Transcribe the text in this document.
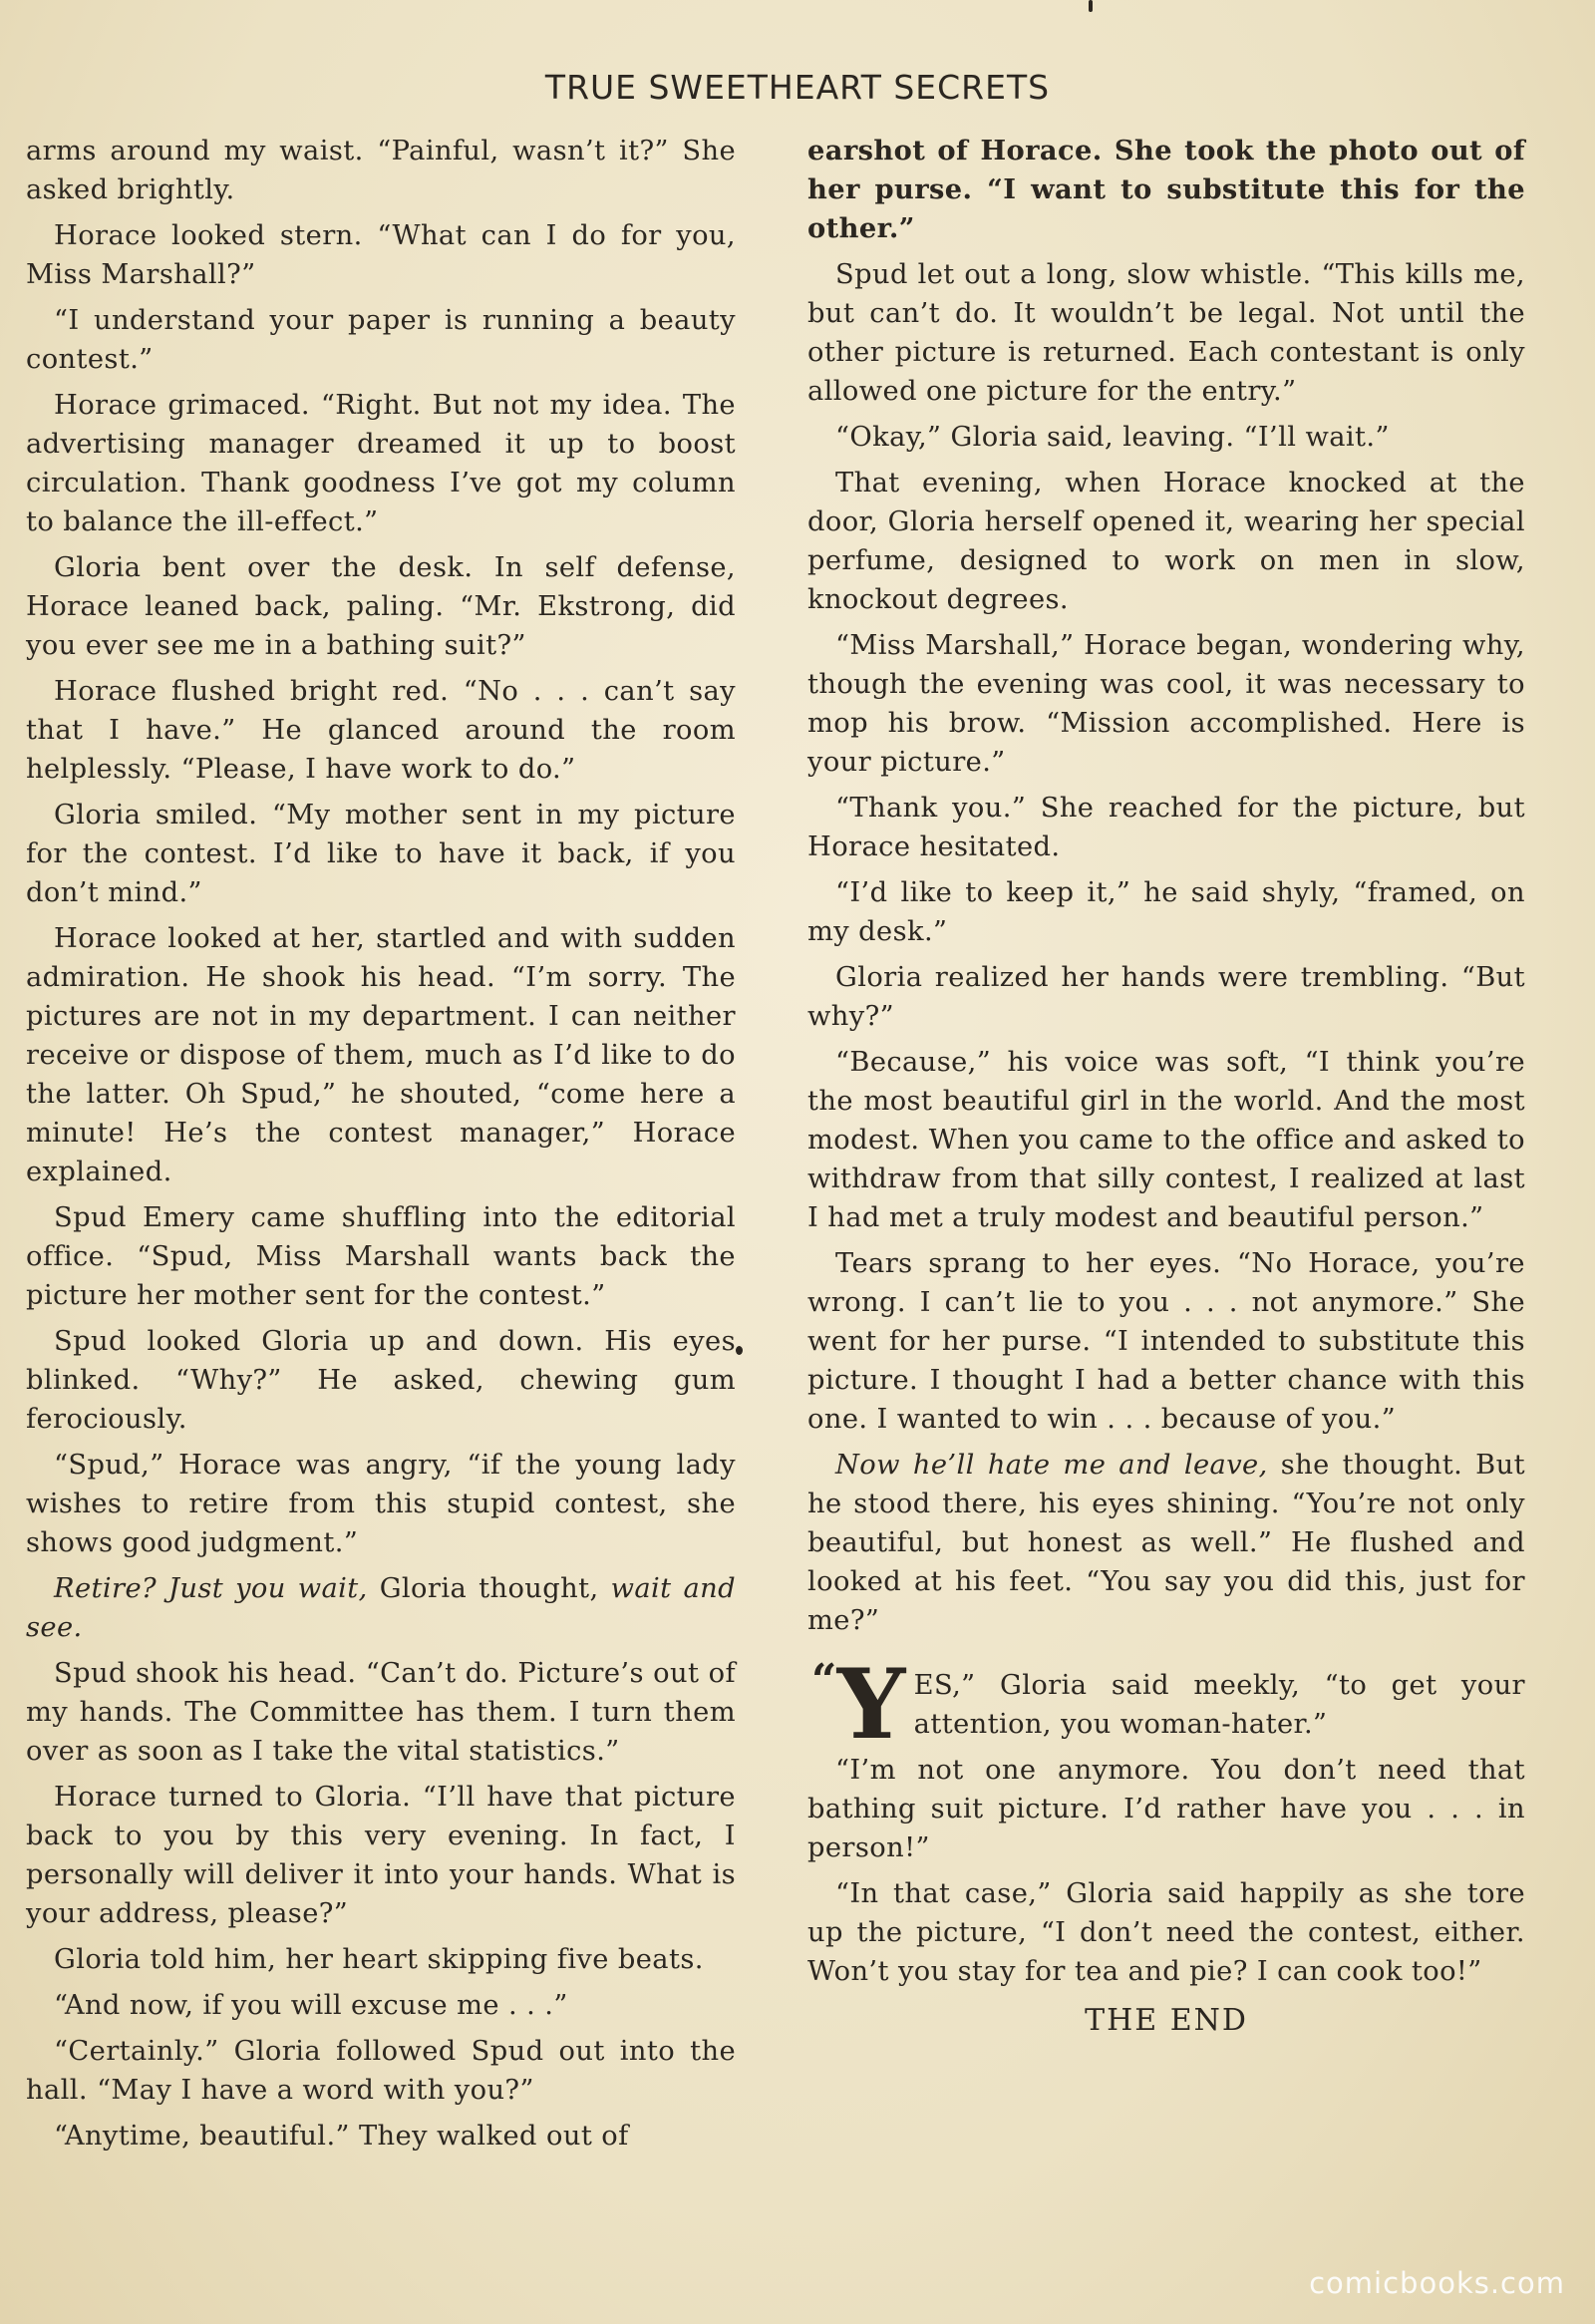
TRUE SWEETHEART SECRETS

arms around my waist. “Painful, wasn’t it?” She asked brightly.

Horace looked stern. “What can I do for you, Miss Marshall?”

“I understand your paper is running a beauty contest.”

Horace grimaced. “Right. But not my idea. The advertising manager dreamed it up to boost circulation. Thank goodness I’ve got my column to balance the ill-effect.”

Gloria bent over the desk. In self defense, Horace leaned back, paling. “Mr. Ekstrong, did you ever see me in a bathing suit?”

Horace flushed bright red. “No . . . can’t say that I have.” He glanced around the room helplessly. “Please, I have work to do.”

Gloria smiled. “My mother sent in my picture for the contest. I’d like to have it back, if you don’t mind.”

Horace looked at her, startled and with sudden admiration. He shook his head. “I’m sorry. The pictures are not in my department. I can neither receive or dispose of them, much as I’d like to do the latter. Oh Spud,” he shouted, “come here a minute! He’s the contest manager,” Horace explained.

Spud Emery came shuffling into the editorial office. “Spud, Miss Marshall wants back the picture her mother sent for the contest.”

Spud looked Gloria up and down. His eyes blinked. “Why?” He asked, chewing gum ferociously.

“Spud,” Horace was angry, “if the young lady wishes to retire from this stupid contest, she shows good judgment.”

Retire? Just you wait, Gloria thought, wait and see.

Spud shook his head. “Can’t do. Picture’s out of my hands. The Committee has them. I turn them over as soon as I take the vital statistics.”

Horace turned to Gloria. “I’ll have that picture back to you by this very evening. In fact, I personally will deliver it into your hands. What is your address, please?”

Gloria told him, her heart skipping five beats.

“And now, if you will excuse me . . .”

“Certainly.” Gloria followed Spud out into the hall. “May I have a word with you?”

“Anytime, beautiful.” They walked out of

earshot of Horace. She took the photo out of her purse. “I want to substitute this for the other.”

Spud let out a long, slow whistle. “This kills me, but can’t do. It wouldn’t be legal. Not until the other picture is returned. Each contestant is only allowed one picture for the entry.”

“Okay,” Gloria said, leaving. “I’ll wait.”

That evening, when Horace knocked at the door, Gloria herself opened it, wearing her special perfume, designed to work on men in slow, knockout degrees.

“Miss Marshall,” Horace began, wondering why, though the evening was cool, it was necessary to mop his brow. “Mission accomplished. Here is your picture.”

“Thank you.” She reached for the picture, but Horace hesitated.

“I’d like to keep it,” he said shyly, “framed, on my desk.”

Gloria realized her hands were trembling. “But why?”

“Because,” his voice was soft, “I think you’re the most beautiful girl in the world. And the most modest. When you came to the office and asked to withdraw from that silly contest, I realized at last I had met a truly modest and beautiful person.”

Tears sprang to her eyes. “No Horace, you’re wrong. I can’t lie to you . . . not anymore.” She went for her purse. “I intended to substitute this picture. I thought I had a better chance with this one. I wanted to win . . . because of you.”

Now he’ll hate me and leave, she thought. But he stood there, his eyes shining. “You’re not only beautiful, but honest as well.” He flushed and looked at his feet. “You say you did this, just for me?”

“Y ES,” Gloria said meekly, “to get your attention, you woman-hater.”

“I’m not one anymore. You don’t need that bathing suit picture. I’d rather have you . . . in person!”

“In that case,” Gloria said happily as she tore up the picture, “I don’t need the contest, either. Won’t you stay for tea and pie? I can cook too!”

THE END
comicbooks.com
